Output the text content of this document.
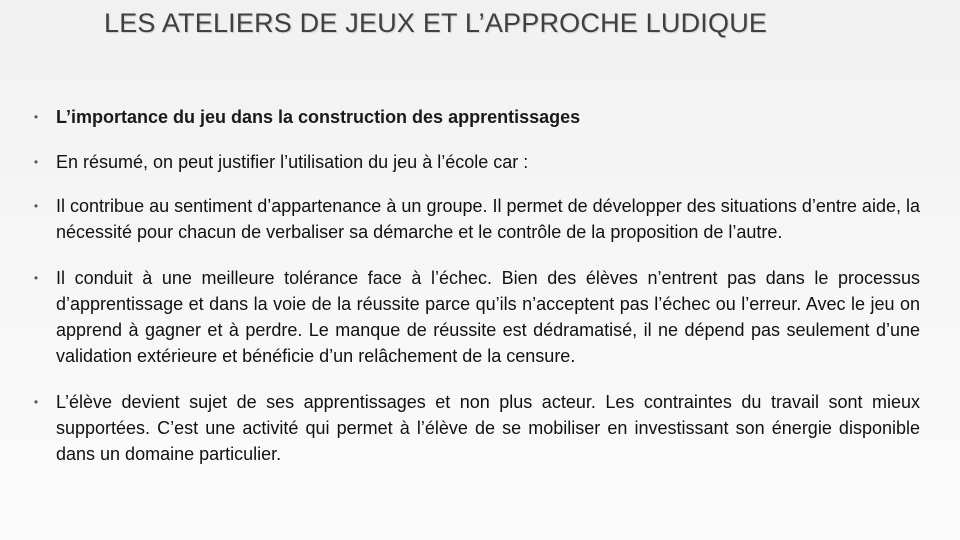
LES ATELIERS DE JEUX ET L’APPROCHE LUDIQUE
• L’importance du jeu dans la construction des apprentissages
• En résumé, on peut justifier l’utilisation du jeu à l’école car :
• Il contribue au sentiment d’appartenance à un groupe. Il permet de développer des situations d’entre aide, la nécessité pour chacun de verbaliser sa démarche et le contrôle de la proposition de l’autre.
• Il conduit à une meilleure tolérance face à l’échec. Bien des élèves n’entrent pas dans le processus d’apprentissage et dans la voie de la réussite parce qu’ils n’acceptent pas l’échec ou l’erreur. Avec le jeu on apprend à gagner et à perdre. Le manque de réussite est dédramatisé, il ne dépend pas seulement d’une validation extérieure et bénéficie d’un relâchement de la censure.
• L’élève devient sujet de ses apprentissages et non plus acteur. Les contraintes du travail sont mieux supportées. C’est une activité qui permet à l’élève de se mobiliser en investissant son énergie disponible dans un domaine particulier.
